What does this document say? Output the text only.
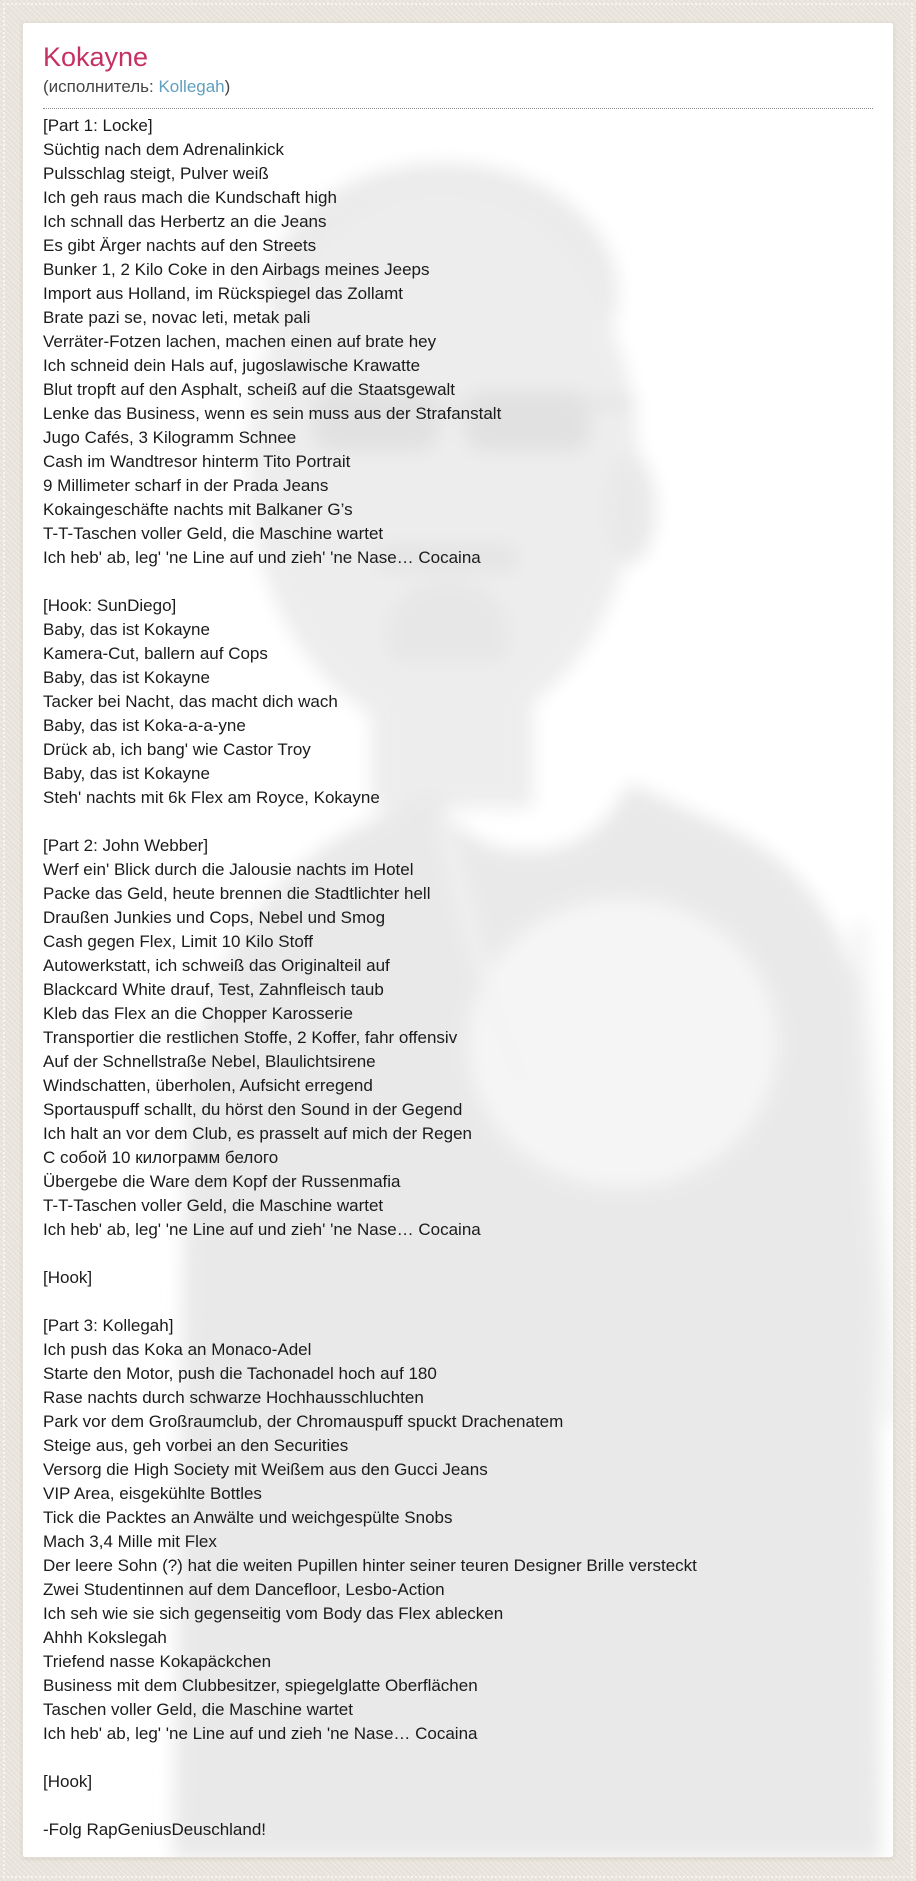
Kokayne
(исполнитель: Kollegah)
[Part 1: Locke]
Süchtig nach dem Adrenalinkick
Pulsschlag steigt, Pulver weiß
Ich geh raus mach die Kundschaft high
Ich schnall das Herbertz an die Jeans
Es gibt Ärger nachts auf den Streets
Bunker 1, 2 Kilo Coke in den Airbags meines Jeeps
Import aus Holland, im Rückspiegel das Zollamt
Brate pazi se, novac leti, metak pali
Verräter-Fotzen lachen, machen einen auf brate hey
Ich schneid dein Hals auf, jugoslawische Krawatte
Blut tropft auf den Asphalt, scheiß auf die Staatsgewalt
Lenke das Business, wenn es sein muss aus der Strafanstalt
Jugo Cafés, 3 Kilogramm Schnee
Cash im Wandtresor hinterm Tito Portrait
9 Millimeter scharf in der Prada Jeans
Kokaingeschäfte nachts mit Balkaner G’s
T-T-Taschen voller Geld, die Maschine wartet
Ich heb' ab, leg' 'ne Line auf und zieh' 'ne Nase… Cocaina
[Hook: SunDiego]
Baby, das ist Kokayne
Kamera-Cut, ballern auf Cops
Baby, das ist Kokayne
Tacker bei Nacht, das macht dich wach
Baby, das ist Koka-a-a-yne
Drück ab, ich bang' wie Castor Troy
Baby, das ist Kokayne
Steh' nachts mit 6k Flex am Royce, Kokayne
[Part 2: John Webber]
Werf ein' Blick durch die Jalousie nachts im Hotel
Packe das Geld, heute brennen die Stadtlichter hell
Draußen Junkies und Cops, Nebel und Smog
Cash gegen Flex, Limit 10 Kilo Stoff
Autowerkstatt, ich schweiß das Originalteil auf
Blackcard White drauf, Test, Zahnfleisch taub
Kleb das Flex an die Chopper Karosserie
Transportier die restlichen Stoffe, 2 Koffer, fahr offensiv
Auf der Schnellstraße Nebel, Blaulichtsirene
Windschatten, überholen, Aufsicht erregend
Sportauspuff schallt, du hörst den Sound in der Gegend
Ich halt an vor dem Club, es prasselt auf mich der Regen
С собой 10 килограмм белого
Übergebe die Ware dem Kopf der Russenmafia
T-T-Taschen voller Geld, die Maschine wartet
Ich heb' ab, leg' 'ne Line auf und zieh' 'ne Nase… Cocaina
[Hook]
[Part 3: Kollegah]
Ich push das Koka an Monaco-Adel
Starte den Motor, push die Tachonadel hoch auf 180
Rase nachts durch schwarze Hochhausschluchten
Park vor dem Großraumclub, der Chromauspuff spuckt Drachenatem
Steige aus, geh vorbei an den Securities
Versorg die High Society mit Weißem aus den Gucci Jeans
VIP Area, eisgekühlte Bottles
Tick die Packtes an Anwälte und weichgespülte Snobs
Mach 3,4 Mille mit Flex
Der leere Sohn (?) hat die weiten Pupillen hinter seiner teuren Designer Brille versteckt
Zwei Studentinnen auf dem Dancefloor, Lesbo-Action
Ich seh wie sie sich gegenseitig vom Body das Flex ablecken
Ahhh Kokslegah
Triefend nasse Kokapäckchen
Business mit dem Clubbesitzer, spiegelglatte Oberflächen
Taschen voller Geld, die Maschine wartet
Ich heb' ab, leg' 'ne Line auf und zieh 'ne Nase… Cocaina
[Hook]
-Folg RapGeniusDeuschland!
